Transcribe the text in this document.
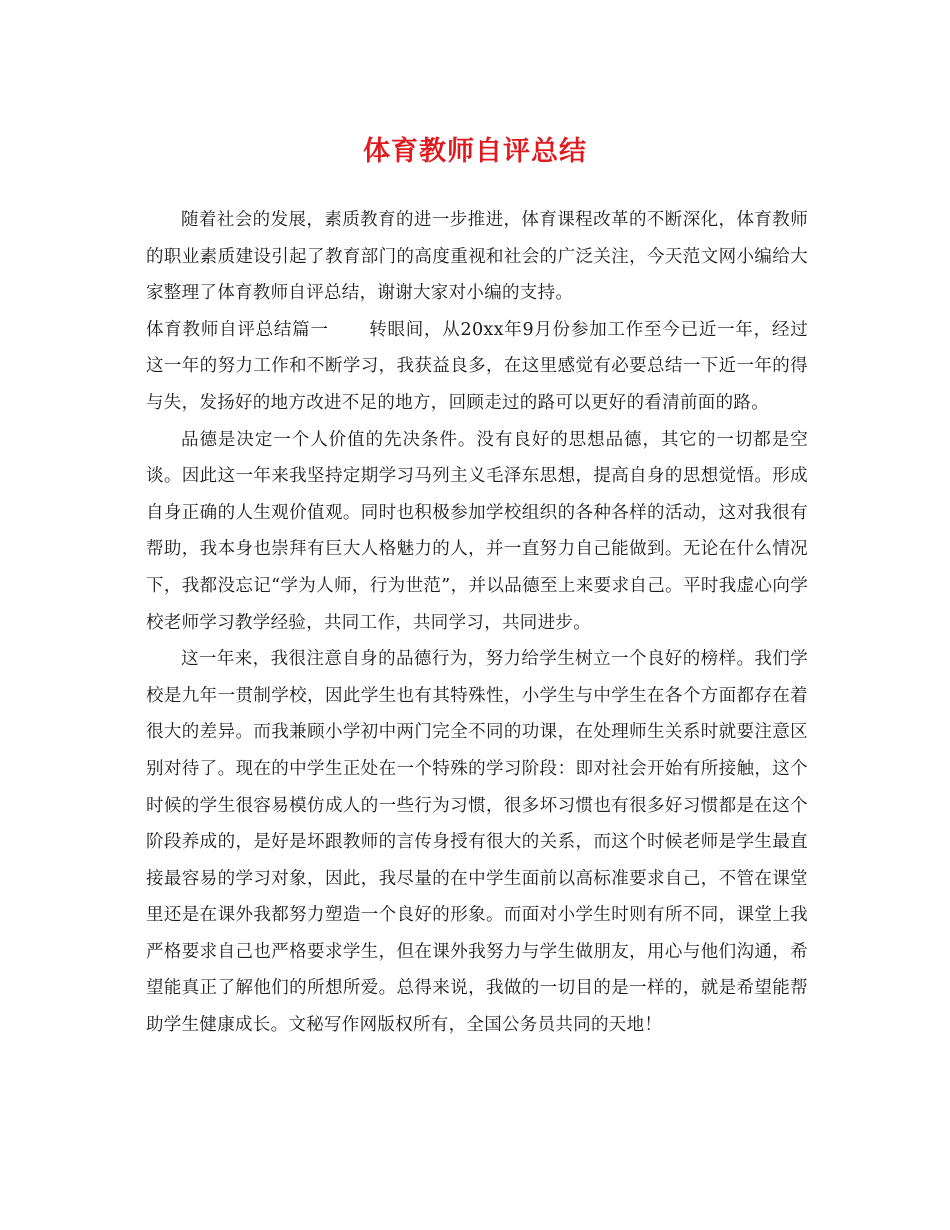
体育教师自评总结

随着社会的发展，素质教育的进一步推进，体育课程改革的不断深化，体育教师的职业素质建设引起了教育部门的高度重视和社会的广泛关注，今天范文网小编给大家整理了体育教师自评总结，谢谢大家对小编的支持。

体育教师自评总结篇一 转眼间，从20xx年9月份参加工作至今已近一年，经过这一年的努力工作和不断学习，我获益良多，在这里感觉有必要总结一下近一年的得与失，发扬好的地方改进不足的地方，回顾走过的路可以更好的看清前面的路。

品德是决定一个人价值的先决条件。没有良好的思想品德，其它的一切都是空谈。因此这一年来我坚持定期学习马列主义毛泽东思想，提高自身的思想觉悟。形成自身正确的人生观价值观。同时也积极参加学校组织的各种各样的活动，这对我很有帮助，我本身也崇拜有巨大人格魅力的人，并一直努力自己能做到。无论在什么情况下，我都没忘记“学为人师，行为世范”，并以品德至上来要求自己。平时我虚心向学校老师学习教学经验，共同工作，共同学习，共同进步。

这一年来，我很注意自身的品德行为，努力给学生树立一个良好的榜样。我们学校是九年一贯制学校，因此学生也有其特殊性，小学生与中学生在各个方面都存在着很大的差异。而我兼顾小学初中两门完全不同的功课，在处理师生关系时就要注意区别对待了。现在的中学生正处在一个特殊的学习阶段：即对社会开始有所接触，这个时候的学生很容易模仿成人的一些行为习惯，很多坏习惯也有很多好习惯都是在这个阶段养成的，是好是坏跟教师的言传身授有很大的关系，而这个时候老师是学生最直接最容易的学习对象，因此，我尽量的在中学生面前以高标准要求自己，不管在课堂里还是在课外我都努力塑造一个良好的形象。而面对小学生时则有所不同，课堂上我严格要求自己也严格要求学生，但在课外我努力与学生做朋友，用心与他们沟通，希望能真正了解他们的所想所爱。总得来说，我做的一切目的是一样的，就是希望能帮助学生健康成长。文秘写作网版权所有，全国公务员共同的天地！
